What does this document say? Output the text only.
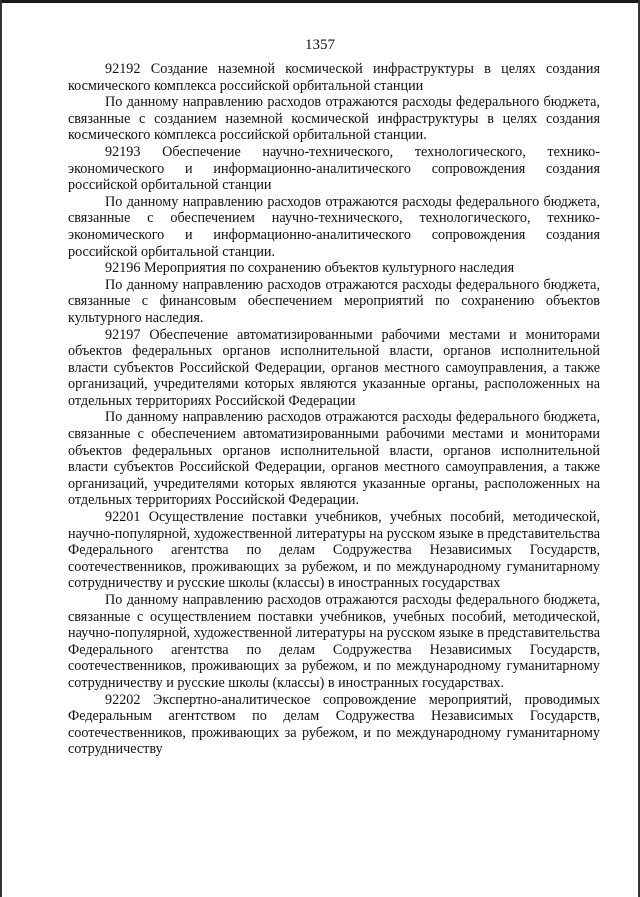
1357

92192 Создание наземной космической инфраструктуры в целях создания космического комплекса российской орбитальной станции

По данному направлению расходов отражаются расходы федерального бюджета, связанные с созданием наземной космической инфраструктуры в целях создания космического комплекса российской орбитальной станции.

92193 Обеспечение научно-технического, технологического, технико-экономического и информационно-аналитического сопровождения создания российской орбитальной станции

По данному направлению расходов отражаются расходы федерального бюджета, связанные с обеспечением научно-технического, технологического, технико-экономического и информационно-аналитического сопровождения создания российской орбитальной станции.

92196 Мероприятия по сохранению объектов культурного наследия

По данному направлению расходов отражаются расходы федерального бюджета, связанные с финансовым обеспечением мероприятий по сохранению объектов культурного наследия.

92197 Обеспечение автоматизированными рабочими местами и мониторами объектов федеральных органов исполнительной власти, органов исполнительной власти субъектов Российской Федерации, органов местного самоуправления, а также организаций, учредителями которых являются указанные органы, расположенных на отдельных территориях Российской Федерации

По данному направлению расходов отражаются расходы федерального бюджета, связанные с обеспечением автоматизированными рабочими местами и мониторами объектов федеральных органов исполнительной власти, органов исполнительной власти субъектов Российской Федерации, органов местного самоуправления, а также организаций, учредителями которых являются указанные органы, расположенных на отдельных территориях Российской Федерации.

92201 Осуществление поставки учебников, учебных пособий, методической, научно-популярной, художественной литературы на русском языке в представительства Федерального агентства по делам Содружества Независимых Государств, соотечественников, проживающих за рубежом, и по международному гуманитарному сотрудничеству и русские школы (классы) в иностранных государствах

По данному направлению расходов отражаются расходы федерального бюджета, связанные с осуществлением поставки учебников, учебных пособий, методической, научно-популярной, художественной литературы на русском языке в представительства Федерального агентства по делам Содружества Независимых Государств, соотечественников, проживающих за рубежом, и по международному гуманитарному сотрудничеству и русские школы (классы) в иностранных государствах.

92202 Экспертно-аналитическое сопровождение мероприятий, проводимых Федеральным агентством по делам Содружества Независимых Государств, соотечественников, проживающих за рубежом, и по международному гуманитарному сотрудничеству
